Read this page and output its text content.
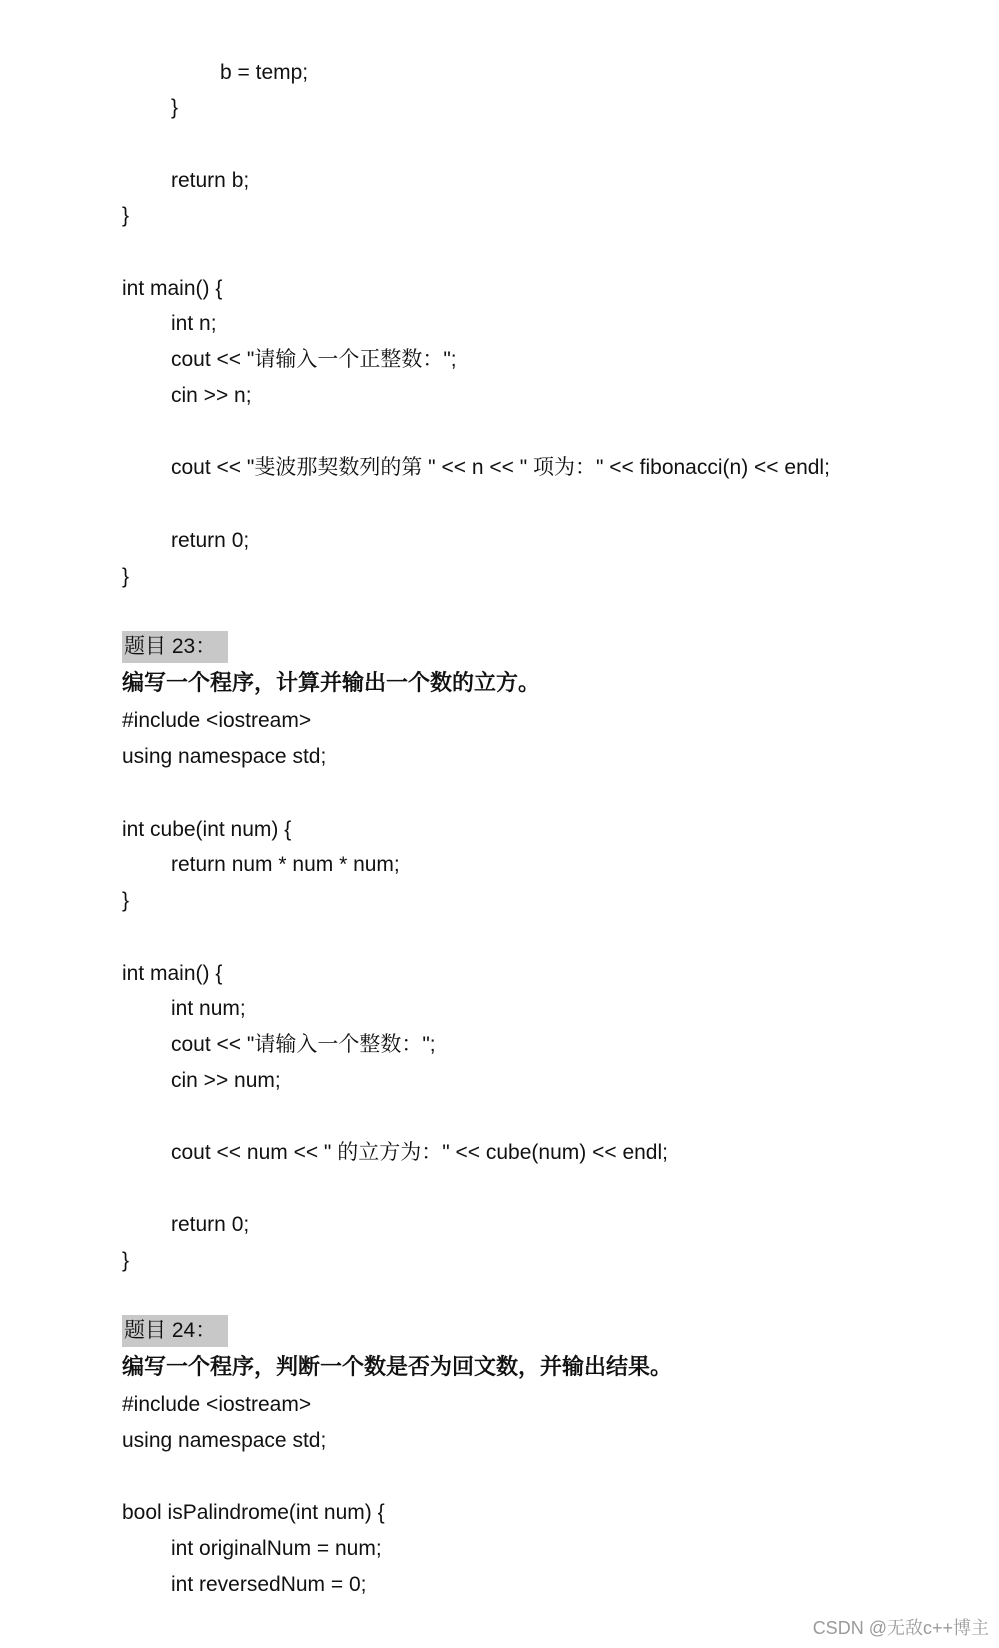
b = temp;
}
return b;
}
int main() {
int n;
cout << "请输入一个正整数：";
cin >> n;
cout << "斐波那契数列的第 " << n << " 项为：" << fibonacci(n) << endl;
return 0;
}
题目 23：
编写一个程序，计算并输出一个数的立方。
#include <iostream>
using namespace std;
int cube(int num) {
return num * num * num;
}
int main() {
int num;
cout << "请输入一个整数：";
cin >> num;
cout << num << " 的立方为：" << cube(num) << endl;
return 0;
}
题目 24：
编写一个程序，判断一个数是否为回文数，并输出结果。
#include <iostream>
using namespace std;
bool isPalindrome(int num) {
int originalNum = num;
int reversedNum = 0;
CSDN @无敌c++博主
